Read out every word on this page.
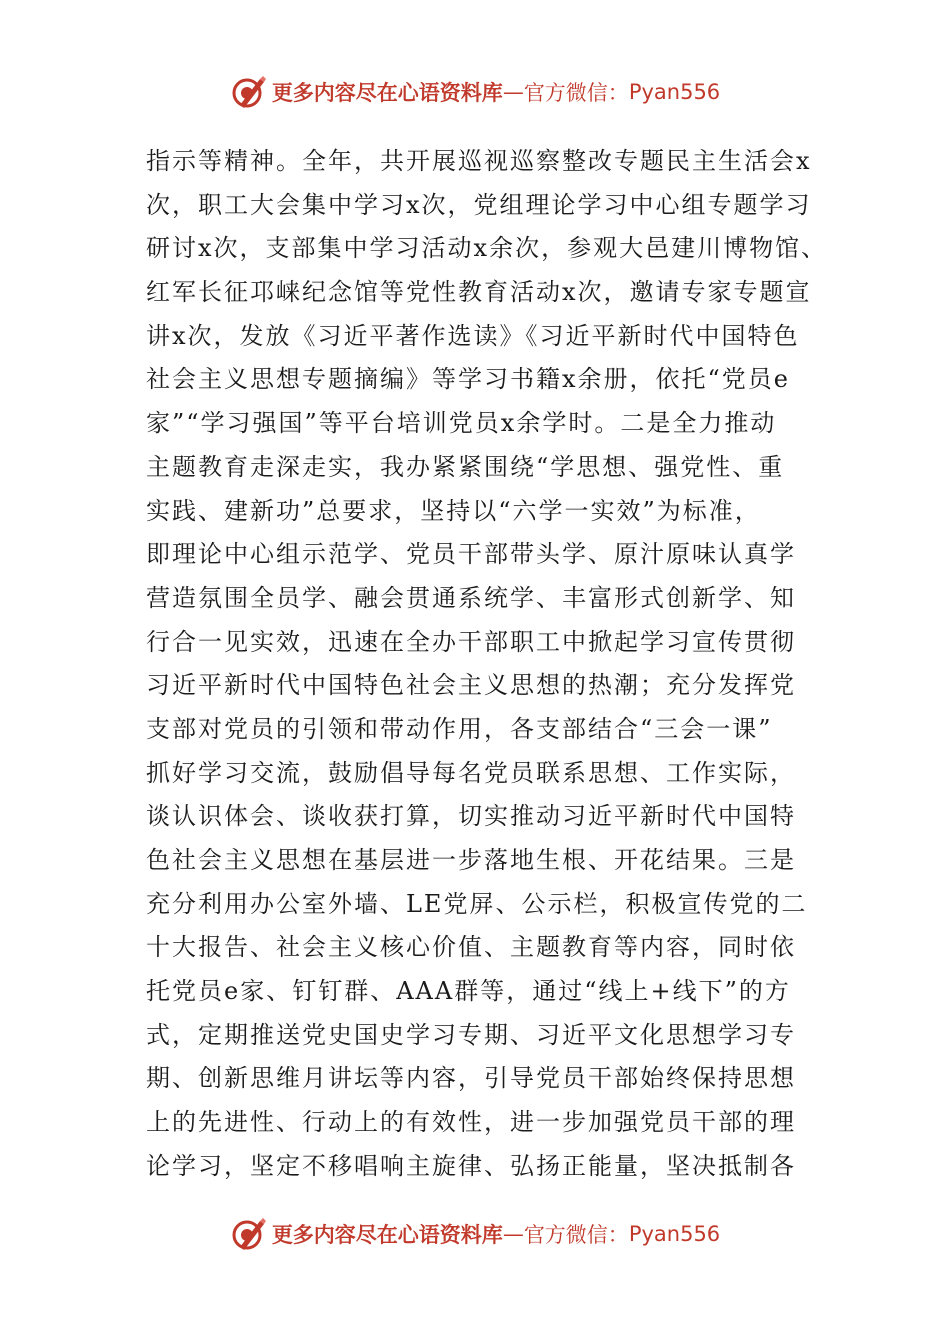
更多内容尽在心语资料库 — 官方微信： Pyan556
指示等精神。全年，共开展巡视巡察整改专题民主生活会x
次，职工大会集中学习x次，党组理论学习中心组专题学习
研讨x次，支部集中学习活动x余次，参观大邑建川博物馆、
红军长征邛崃纪念馆等党性教育活动x次，邀请专家专题宣
讲x次，发放《习近平著作选读》《习近平新时代中国特色
社会主义思想专题摘编》等学习书籍x余册，依托“党员e
家”“学习强国”等平台培训党员x余学时。二是全力推动
主题教育走深走实，我办紧紧围绕“学思想、强党性、重
实践、建新功”总要求，坚持以“六学一实效”为标准，
即理论中心组示范学、党员干部带头学、原汁原味认真学
营造氛围全员学、融会贯通系统学、丰富形式创新学、知
行合一见实效，迅速在全办干部职工中掀起学习宣传贯彻
习近平新时代中国特色社会主义思想的热潮；充分发挥党
支部对党员的引领和带动作用，各支部结合“三会一课”
抓好学习交流，鼓励倡导每名党员联系思想、工作实际，
谈认识体会、谈收获打算，切实推动习近平新时代中国特
色社会主义思想在基层进一步落地生根、开花结果。三是
充分利用办公室外墙、LE党屏、公示栏，积极宣传党的二
十大报告、社会主义核心价值、主题教育等内容，同时依
托党员e家、钉钉群、AAA群等，通过“线上+线下”的方
式，定期推送党史国史学习专期、习近平文化思想学习专
期、创新思维月讲坛等内容，引导党员干部始终保持思想
上的先进性、行动上的有效性，进一步加强党员干部的理
论学习，坚定不移唱响主旋律、弘扬正能量，坚决抵制各
更多内容尽在心语资料库 — 官方微信： Pyan556
